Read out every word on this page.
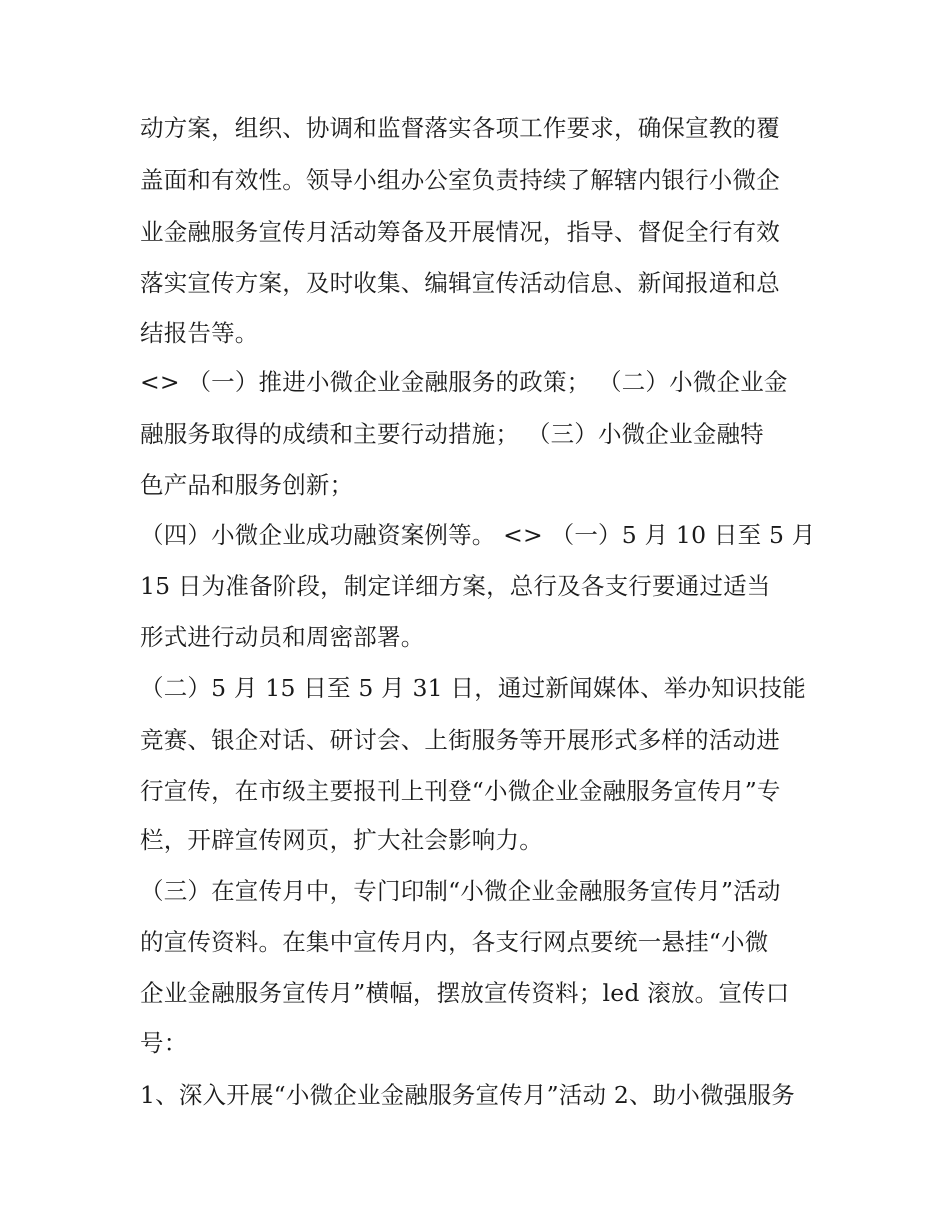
动方案，组织、协调和监督落实各项工作要求，确保宣教的覆
盖面和有效性。领导小组办公室负责持续了解辖内银行小微企
业金融服务宣传月活动筹备及开展情况，指导、督促全行有效
落实宣传方案，及时收集、编辑宣传活动信息、新闻报道和总
结报告等。
<> （一）推进小微企业金融服务的政策； （二）小微企业金
融服务取得的成绩和主要行动措施； （三）小微企业金融特
色产品和服务创新；
（四）小微企业成功融资案例等。 <> （一）5 月 10 日至 5 月
15 日为准备阶段，制定详细方案，总行及各支行要通过适当
形式进行动员和周密部署。
（二）5 月 15 日至 5 月 31 日，通过新闻媒体、举办知识技能
竞赛、银企对话、研讨会、上街服务等开展形式多样的活动进
行宣传，在市级主要报刊上刊登“小微企业金融服务宣传月”专
栏，开辟宣传网页，扩大社会影响力。
（三）在宣传月中，专门印制“小微企业金融服务宣传月”活动
的宣传资料。在集中宣传月内，各支行网点要统一悬挂“小微
企业金融服务宣传月”横幅，摆放宣传资料；led 滚放。宣传口
号：
1、深入开展“小微企业金融服务宣传月”活动 2、助小微强服务
